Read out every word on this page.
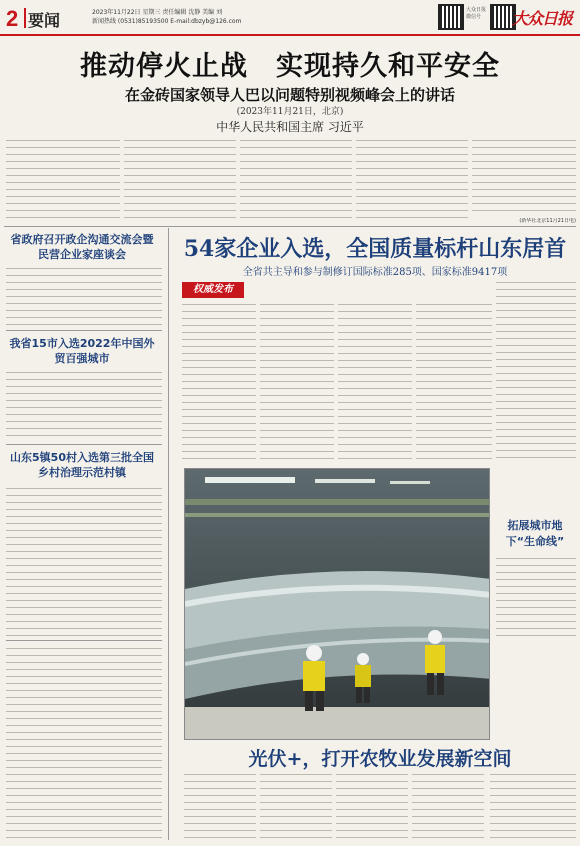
2 要闻
2023年11月22日 星期三 责任编辑 沈静 美编 刘
新闻热线 (0531)85193500 E-mail:dbzyb@126.com
大众日报微信号	大众日报
推动停火止战　实现持久和平安全
在金砖国家领导人巴以问题特别视频峰会上的讲话
(2023年11月21日，北京)
中华人民共和国主席 习近平
(新华社北京11月21日电)
省政府召开政企沟通交流会暨民营企业家座谈会
我省15市入选2022年中国外贸百强城市
山东5镇50村入选第三批全国乡村治理示范村镇
54家企业入选，全国质量标杆山东居首
全省共主导和参与制修订国际标准285项、国家标准9417项
权威发布
拓展城市地下“生命线”
光伏+，打开农牧业发展新空间
